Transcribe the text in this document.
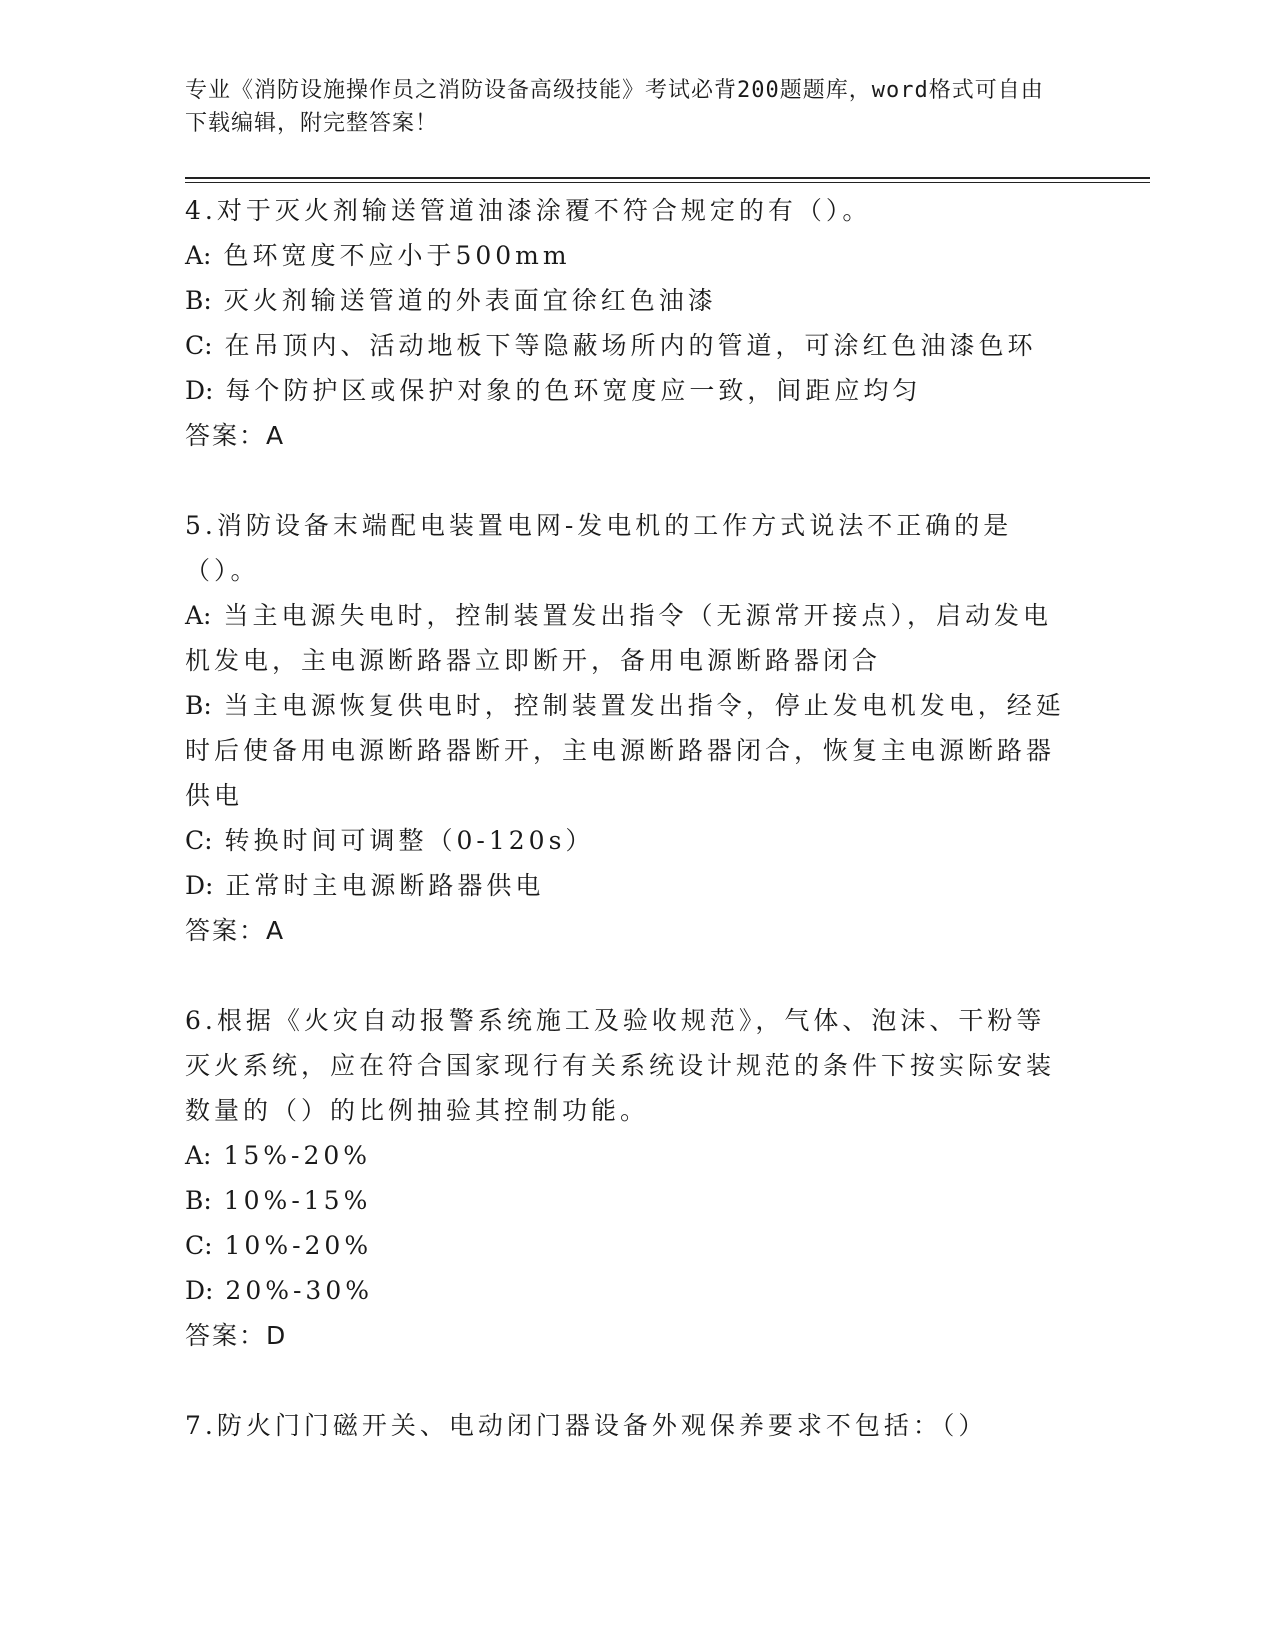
专业《消防设施操作员之消防设备高级技能》考试必背200题题库，word格式可自由下载编辑，附完整答案！

4.对于灭火剂输送管道油漆涂覆不符合规定的有（）。

A: 色环宽度不应小于500mm

B: 灭火剂输送管道的外表面宜徐红色油漆

C: 在吊顶内、活动地板下等隐蔽场所内的管道，可涂红色油漆色环

D: 每个防护区或保护对象的色环宽度应一致，间距应均匀

答案：A

5.消防设备末端配电装置电网-发电机的工作方式说法不正确的是（）。

A: 当主电源失电时，控制装置发出指令（无源常开接点），启动发电机发电，主电源断路器立即断开，备用电源断路器闭合

B: 当主电源恢复供电时，控制装置发出指令，停止发电机发电，经延时后使备用电源断路器断开，主电源断路器闭合，恢复主电源断路器供电

C: 转换时间可调整（0-120s）

D: 正常时主电源断路器供电

答案：A

6.根据《火灾自动报警系统施工及验收规范》，气体、泡沫、干粉等灭火系统，应在符合国家现行有关系统设计规范的条件下按实际安装数量的（）的比例抽验其控制功能。

A: 15%-20%

B: 10%-15%

C: 10%-20%

D: 20%-30%

答案：D

7.防火门门磁开关、电动闭门器设备外观保养要求不包括：（）
